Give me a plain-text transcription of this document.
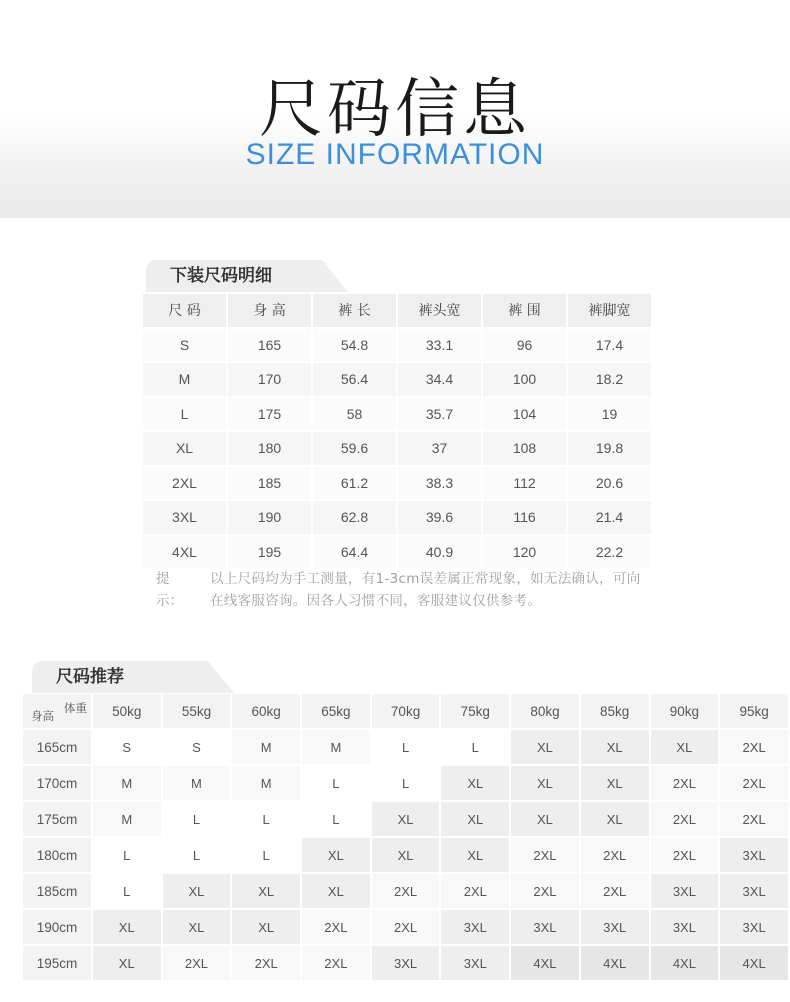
尺码信息
SIZE INFORMATION
下装尺码明细
尺 码	身 高	裤 长	裤头宽	裤 围	裤脚宽
S	165	54.8	33.1	96	17.4
M	170	56.4	34.4	100	18.2
L	175	58	35.7	104	19
XL	180	59.6	37	108	19.8
2XL	185	61.2	38.3	112	20.6
3XL	190	62.8	39.6	116	21.4
4XL	195	64.4	40.9	120	22.2
提示：
以上尺码均为手工测量，有1-3cm误差属正常现象，如无法确认，可向在线客服咨询。因各人习惯不同，客服建议仅供参考。
尺码推荐
体重
身高	50kg	55kg	60kg	65kg	70kg	75kg	80kg	85kg	90kg	95kg
165cm	S	S	M	M	L	L	XL	XL	XL	2XL
170cm	M	M	M	L	L	XL	XL	XL	2XL	2XL
175cm	M	L	L	L	XL	XL	XL	XL	2XL	2XL
180cm	L	L	L	XL	XL	XL	2XL	2XL	2XL	3XL
185cm	L	XL	XL	XL	2XL	2XL	2XL	2XL	3XL	3XL
190cm	XL	XL	XL	2XL	2XL	3XL	3XL	3XL	3XL	3XL
195cm	XL	2XL	2XL	2XL	3XL	3XL	4XL	4XL	4XL	4XL
